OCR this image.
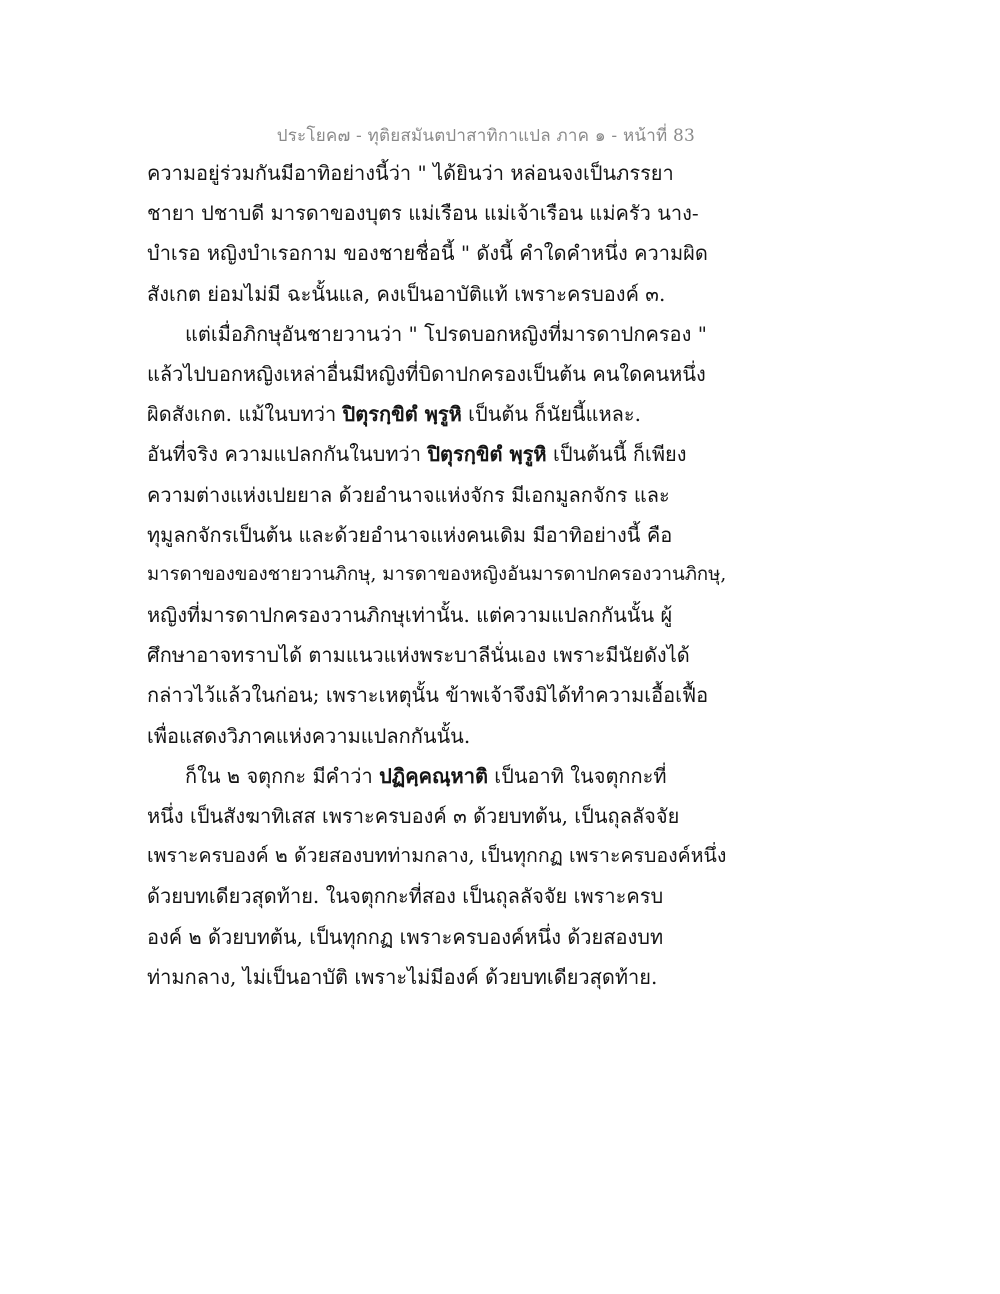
ประโยค๗ - ทุติยสมันตปาสาทิกาแปล ภาค ๑ - หน้าที่ 83
ความอยู่ร่วมกันมีอาทิอย่างนี้ว่า " ได้ยินว่า หล่อนจงเป็นภรรยา
ชายา ปชาบดี มารดาของบุตร แม่เรือน แม่เจ้าเรือน แม่ครัว นาง-
บำเรอ หญิงบำเรอกาม ของชายชื่อนี้ " ดังนี้ คำใดคำหนึ่ง ความผิด
สังเกต ย่อมไม่มี ฉะนั้นแล, คงเป็นอาบัติแท้ เพราะครบองค์ ๓.
แต่เมื่อภิกษุอันชายวานว่า " โปรดบอกหญิงที่มารดาปกครอง "
แล้วไปบอกหญิงเหล่าอื่นมีหญิงที่บิดาปกครองเป็นต้น คนใดคนหนึ่ง
ผิดสังเกต. แม้ในบทว่า ปิตุรกฺขิตํ พฺรูหิ เป็นต้น ก็นัยนี้แหละ.
อันที่จริง ความแปลกกันในบทว่า ปิตุรกฺขิตํ พฺรูหิ เป็นต้นนี้ ก็เพียง
ความต่างแห่งเปยยาล ด้วยอำนาจแห่งจักร มีเอกมูลกจักร และ
ทุมูลกจักรเป็นต้น และด้วยอำนาจแห่งคนเดิม มีอาทิอย่างนี้ คือ
มารดาของของชายวานภิกษุ, มารดาของหญิงอันมารดาปกครองวานภิกษุ,
หญิงที่มารดาปกครองวานภิกษุเท่านั้น. แต่ความแปลกกันนั้น ผู้
ศึกษาอาจทราบได้ ตามแนวแห่งพระบาลีนั่นเอง เพราะมีนัยดังได้
กล่าวไว้แล้วในก่อน; เพราะเหตุนั้น ข้าพเจ้าจึงมิได้ทำความเอื้อเฟื้อ
เพื่อแสดงวิภาคแห่งความแปลกกันนั้น.
ก็ใน ๒ จตุกกะ มีคำว่า ปฏิคฺคณฺหาติ เป็นอาทิ ในจตุกกะที่
หนึ่ง เป็นสังฆาทิเสส เพราะครบองค์ ๓ ด้วยบทต้น, เป็นถุลลัจจัย
เพราะครบองค์ ๒ ด้วยสองบทท่ามกลาง, เป็นทุกกฏ เพราะครบองค์หนึ่ง
ด้วยบทเดียวสุดท้าย. ในจตุกกะที่สอง เป็นถุลลัจจัย เพราะครบ
องค์ ๒ ด้วยบทต้น, เป็นทุกกฏ เพราะครบองค์หนึ่ง ด้วยสองบท
ท่ามกลาง, ไม่เป็นอาบัติ เพราะไม่มีองค์ ด้วยบทเดียวสุดท้าย.
